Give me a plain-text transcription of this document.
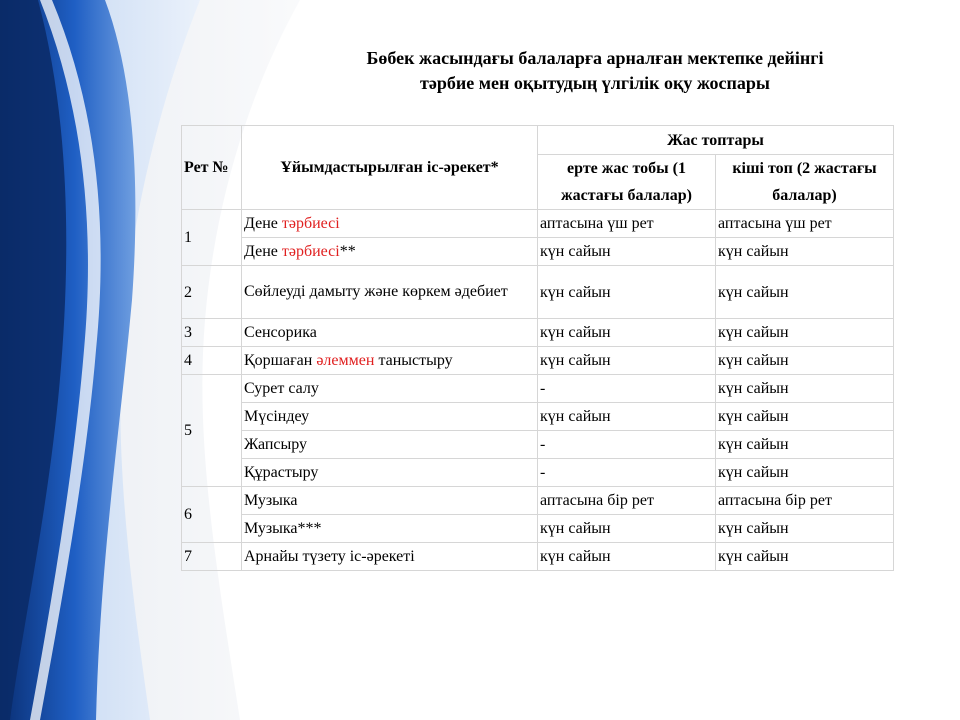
Бөбек жасындағы балаларға арналған мектепке дейінгі
тәрбие мен оқытудың үлгілік оқу жоспары
Рет №	Ұйымдастырылған іс-әрекет*	Жас топтары	
		ерте жас тобы (1 жастағы балалар)	кіші топ (2 жастағы балалар)
1	Дене тәрбиесі	аптасына үш рет	аптасына үш рет
	Дене тәрбиесі**	күн сайын	күн сайын
2	Сөйлеуді дамыту және көркем әдебиет	күн сайын	күн сайын
3	Сенсорика	күн сайын	күн сайын
4	Қоршаған әлеммен таныстыру	күн сайын	күн сайын
5	Сурет салу	-	күн сайын
	Мүсіндеу	күн сайын	күн сайын
	Жапсыру	-	күн сайын
	Құрастыру	-	күн сайын
6	Музыка	аптасына бір рет	аптасына бір рет
	Музыка***	күн сайын	күн сайын
7	Арнайы түзету іс-әрекеті	күн сайын	күн сайын
